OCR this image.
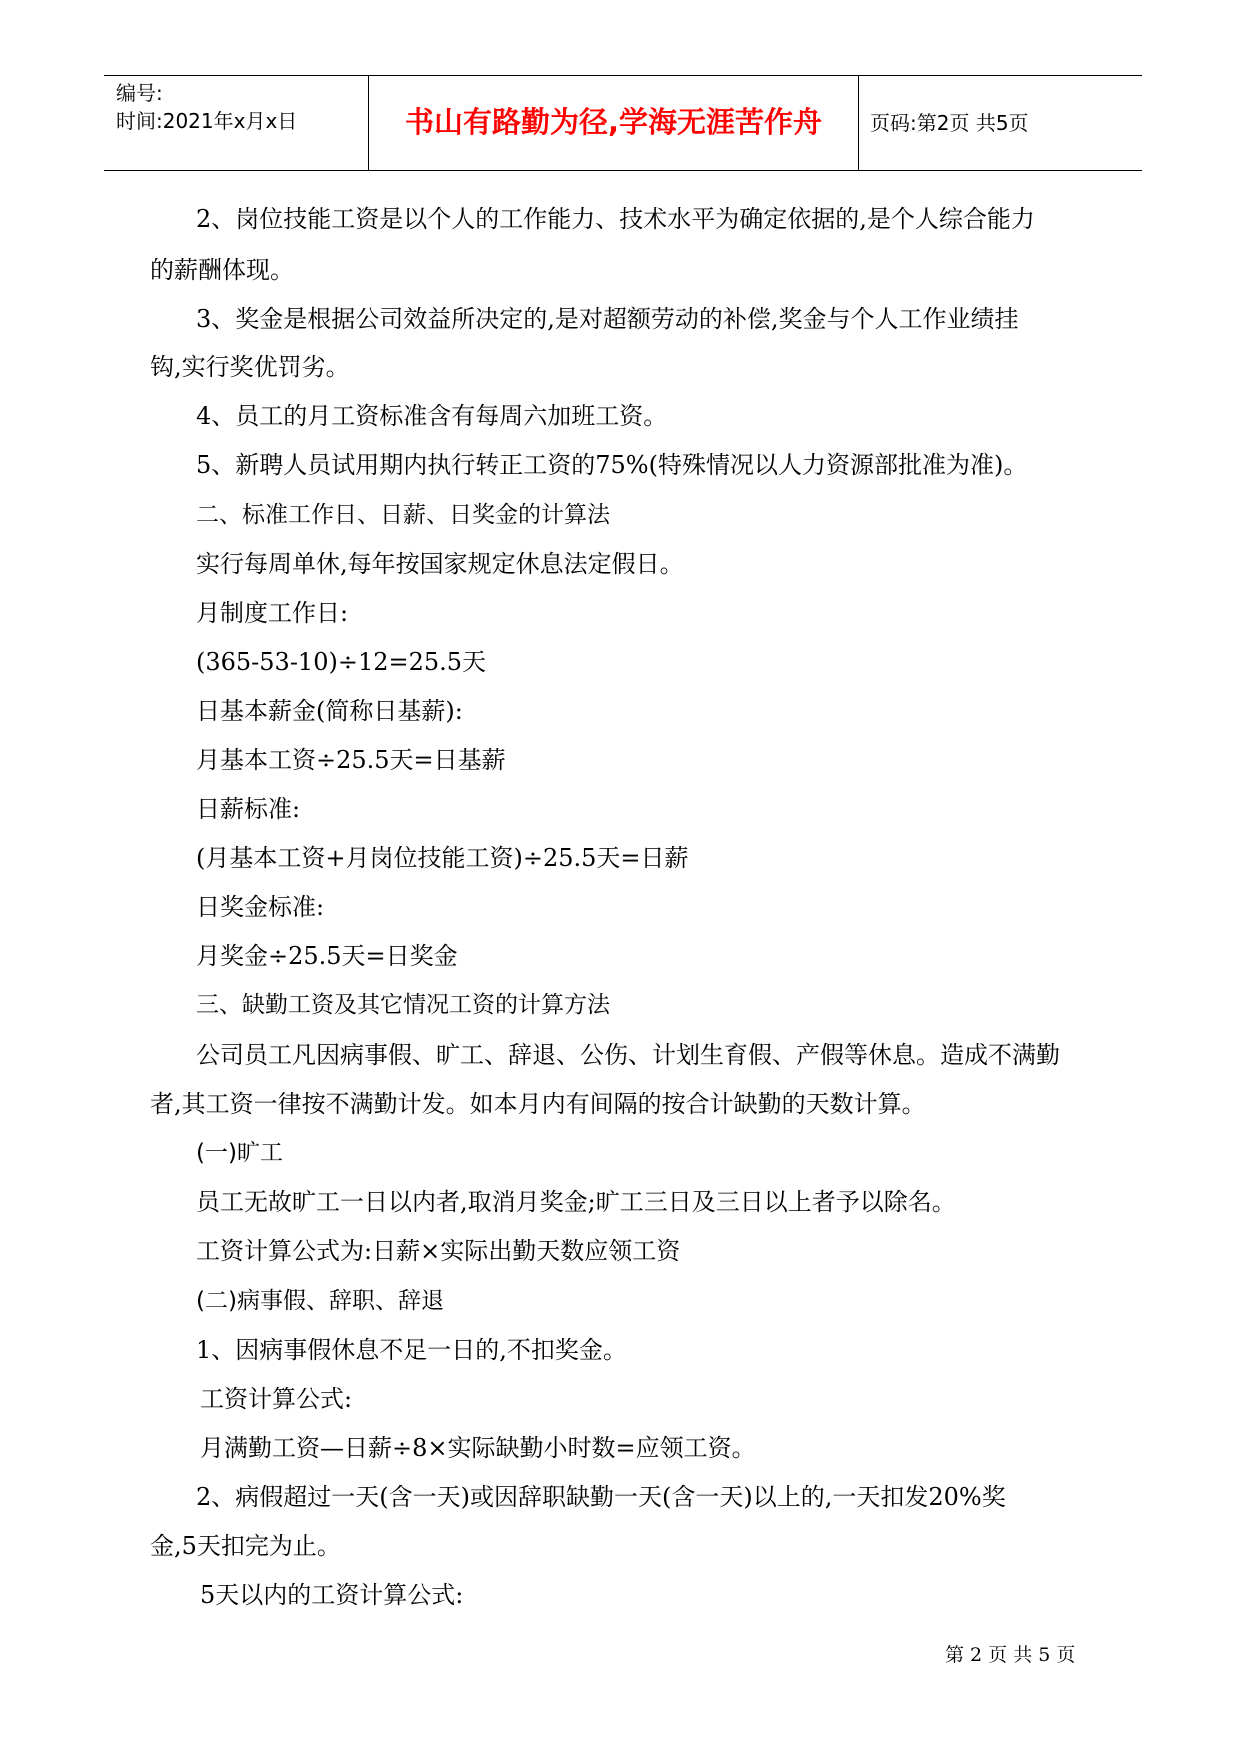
编号:
时间:2021年x月x日	书山有路勤为径,学海无涯苦作舟	页码:第2页 共5页
2、岗位技能工资是以个人的工作能力、技术水平为确定依据的,是个人综合能力
的薪酬体现。
3、奖金是根据公司效益所决定的,是对超额劳动的补偿,奖金与个人工作业绩挂
钩,实行奖优罚劣。
4、员工的月工资标准含有每周六加班工资。
5、新聘人员试用期内执行转正工资的75%(特殊情况以人力资源部批准为准)。
二、标准工作日、日薪、日奖金的计算法
实行每周单休,每年按国家规定休息法定假日。
月制度工作日:
(365-53-10)÷12=25.5天
日基本薪金(简称日基薪):
月基本工资÷25.5天=日基薪
日薪标准:
(月基本工资+月岗位技能工资)÷25.5天=日薪
日奖金标准:
月奖金÷25.5天=日奖金
三、缺勤工资及其它情况工资的计算方法
公司员工凡因病事假、旷工、辞退、公伤、计划生育假、产假等休息。造成不满勤
者,其工资一律按不满勤计发。如本月内有间隔的按合计缺勤的天数计算。
(一)旷工
员工无故旷工一日以内者,取消月奖金;旷工三日及三日以上者予以除名。
工资计算公式为:日薪×实际出勤天数应领工资
(二)病事假、辞职、辞退
1、因病事假休息不足一日的,不扣奖金。
工资计算公式:
月满勤工资—日薪÷8×实际缺勤小时数=应领工资。
2、病假超过一天(含一天)或因辞职缺勤一天(含一天)以上的,一天扣发20%奖
金,5天扣完为止。
5天以内的工资计算公式:
第 2 页 共 5 页
